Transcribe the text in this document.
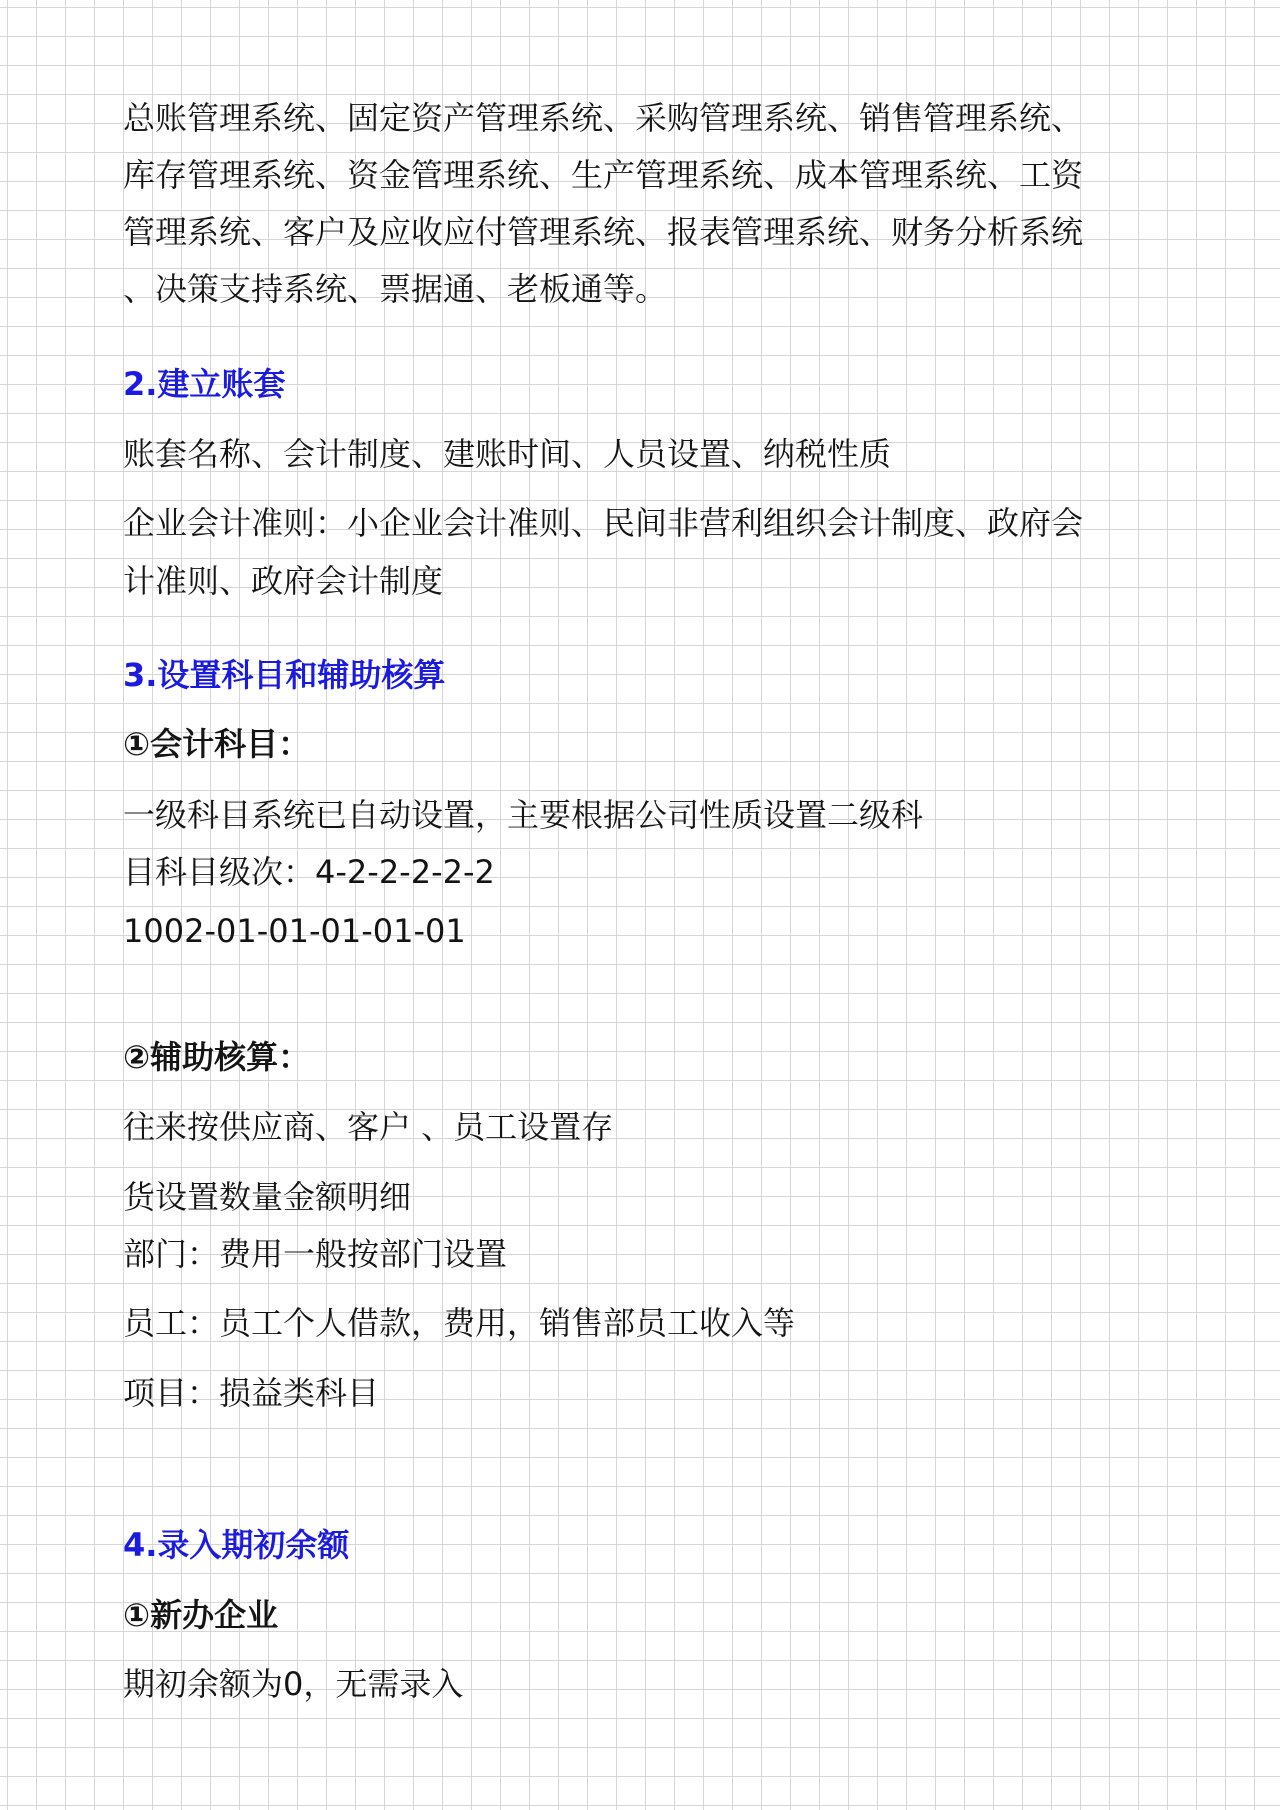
总账管理系统、固定资产管理系统、采购管理系统、销售管理系统、

库存管理系统、资金管理系统、生产管理系统、成本管理系统、工资

管理系统、客户及应收应付管理系统、报表管理系统、财务分析系统

、决策支持系统、票据通、老板通等。

2.建立账套

账套名称、会计制度、建账时间、人员设置、纳税性质

企业会计准则：小企业会计准则、民间非营利组织会计制度、政府会

计准则、政府会计制度

3.设置科目和辅助核算

①会计科目：

一级科目系统已自动设置，主要根据公司性质设置二级科

目科目级次：4-2-2-2-2-2

1002-01-01-01-01-01

②辅助核算：

往来按供应商、客户 、员工设置存

货设置数量金额明细

部门：费用一般按部门设置

员工：员工个人借款，费用，销售部员工收入等

项目：损益类科目

4.录入期初余额

①新办企业

期初余额为0，无需录入
